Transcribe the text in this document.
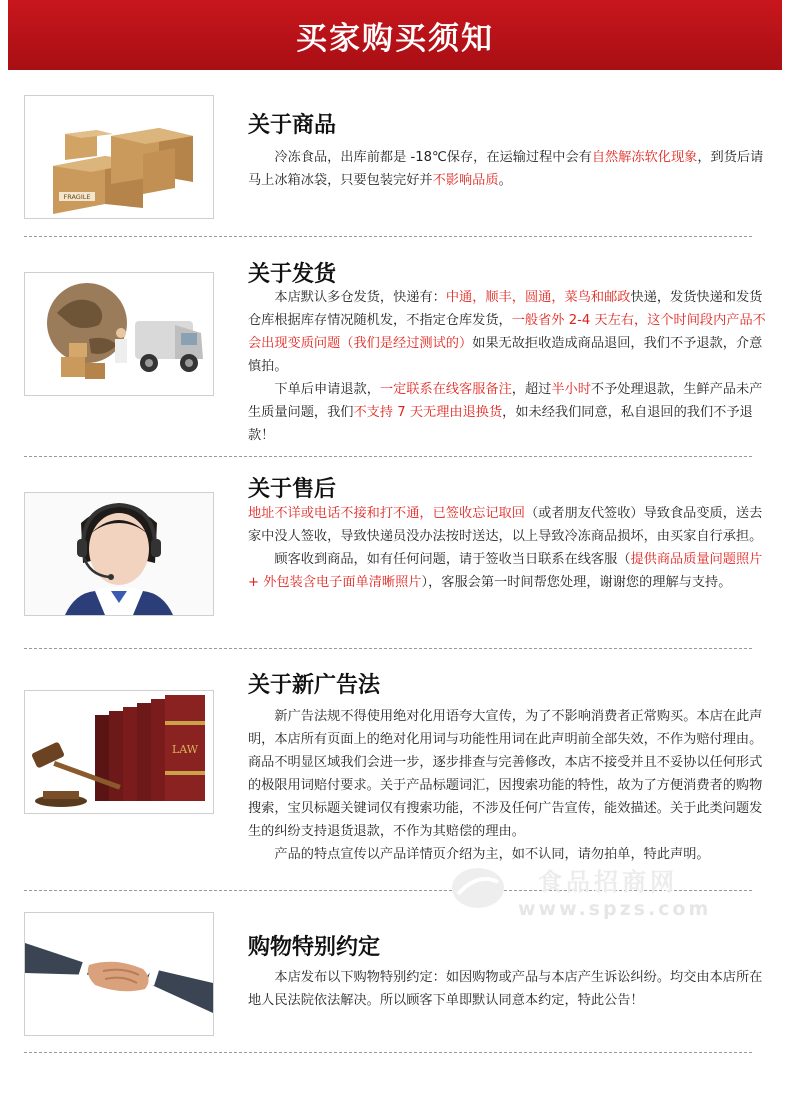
买家购买须知
FRAGILE
关于商品

冷冻食品，出库前都是 -18℃保存，在运输过程中会有自然解冻软化现象，到货后请马上冰箱冰袋，只要包装完好并不影响品质。

关于发货

本店默认多仓发货，快递有：中通，顺丰，圆通，菜鸟和邮政快递，发货快递和发货仓库根据库存情况随机发，不指定仓库发货，一般省外 2-4 天左右，这个时间段内产品不会出现变质问题（我们是经过测试的）如果无故拒收造成商品退回，我们不予退款，介意慎拍。

下单后申请退款，一定联系在线客服备注，超过半小时不予处理退款，生鲜产品未产生质量问题，我们不支持 7 天无理由退换货，如未经我们同意，私自退回的我们不予退款！

关于售后

地址不详或电话不接和打不通，已签收忘记取回（或者朋友代签收）导致食品变质，送去家中没人签收，导致快递员没办法按时送达，以上导致冷冻商品损坏，由买家自行承担。

顾客收到商品，如有任何问题，请于签收当日联系在线客服（提供商品质量问题照片 + 外包装含电子面单清晰照片），客服会第一时间帮您处理，谢谢您的理解与支持。

LAW
关于新广告法

新广告法规不得使用绝对化用语夸大宣传，为了不影响消费者正常购买。本店在此声明，本店所有页面上的绝对化用词与功能性用词在此声明前全部失效，不作为赔付理由。商品不明显区域我们会进一步，逐步排查与完善修改，本店不接受并且不妥协以任何形式的极限用词赔付要求。关于产品标题词汇，因搜索功能的特性，故为了方便消费者的购物搜索，宝贝标题关键词仅有搜索功能，不涉及任何广告宣传，能效描述。关于此类问题发生的纠纷支持退货退款，不作为其赔偿的理由。

产品的特点宣传以产品详情页介绍为主，如不认同，请勿拍单，特此声明。

食品招商网
www.spzs.com
购物特别约定

本店发布以下购物特别约定：如因购物或产品与本店产生诉讼纠纷。均交由本店所在地人民法院依法解决。所以顾客下单即默认同意本约定，特此公告！
